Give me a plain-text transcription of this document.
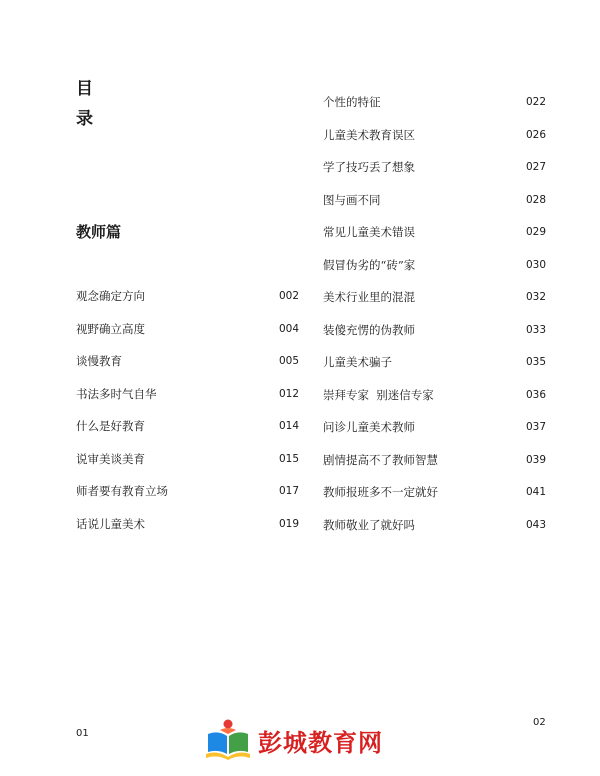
目
录
教师篇
观念确定方向	002
视野确立高度	004
谈慢教育	005
书法多时气自华	012
什么是好教育	014
说审美谈美育	015
师者要有教育立场	017
话说儿童美术	019
个性的特征	022
儿童美术教育误区	026
学了技巧丢了想象	027
图与画不同	028
常见儿童美术错误	029
假冒伪劣的“砖”家	030
美术行业里的混混	032
装傻充愣的伪教师	033
儿童美术骗子	035
崇拜专家  别迷信专家	036
问诊儿童美术教师	037
剧情提高不了教师智慧	039
教师报班多不一定就好	041
教师敬业了就好吗	043
01
02
彭城教育网
